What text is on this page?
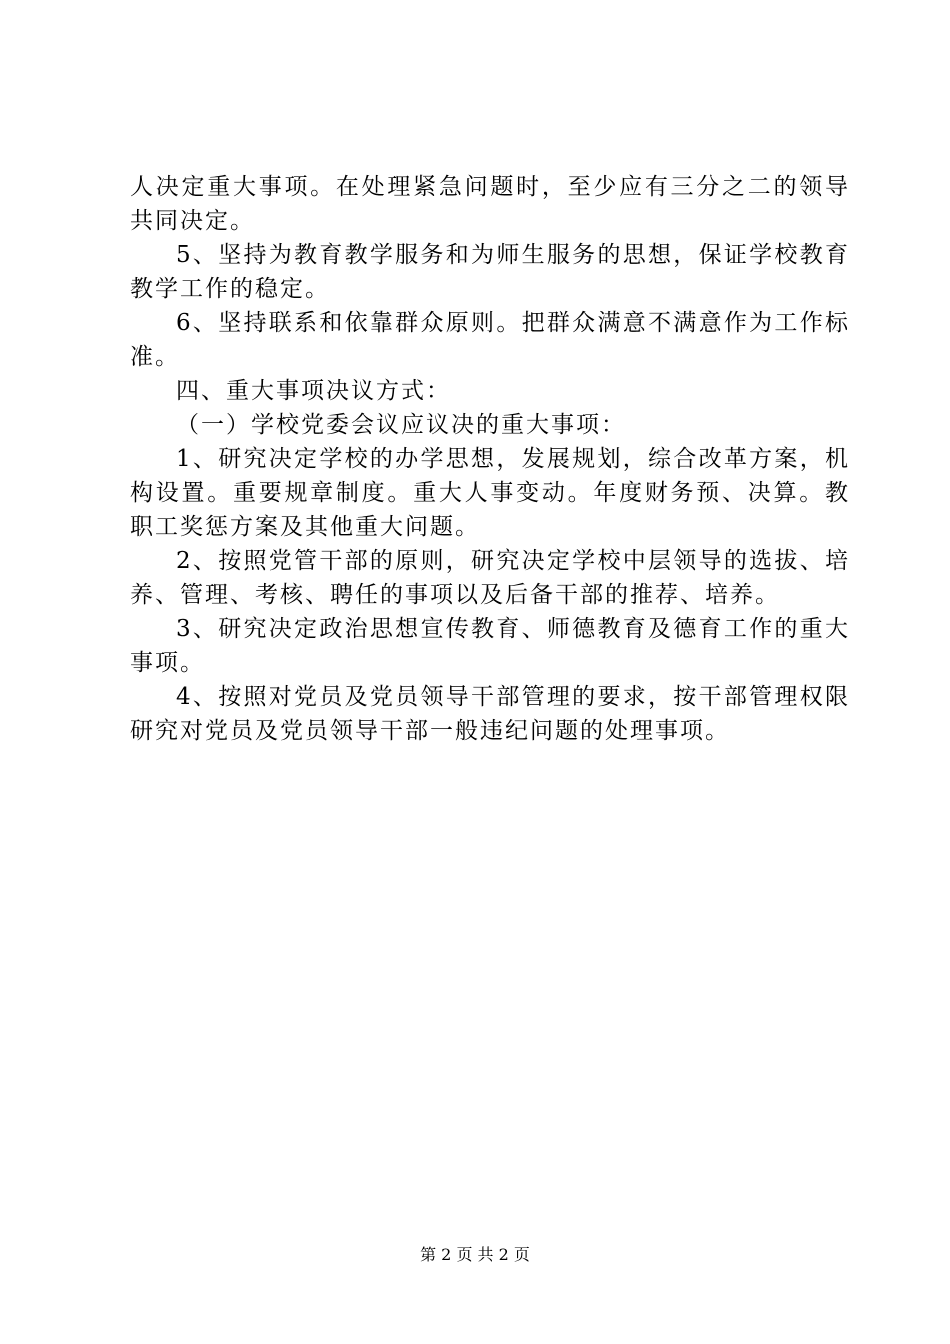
人决定重大事项。在处理紧急问题时，至少应有三分之二的领导共同决定。

5、坚持为教育教学服务和为师生服务的思想，保证学校教育教学工作的稳定。

6、坚持联系和依靠群众原则。把群众满意不满意作为工作标准。

四、重大事项决议方式：

（一）学校党委会议应议决的重大事项：

1、研究决定学校的办学思想，发展规划，综合改革方案，机构设置。重要规章制度。重大人事变动。年度财务预、决算。教职工奖惩方案及其他重大问题。

2、按照党管干部的原则，研究决定学校中层领导的选拔、培养、管理、考核、聘任的事项以及后备干部的推荐、培养。

3、研究决定政治思想宣传教育、师德教育及德育工作的重大事项。

4、按照对党员及党员领导干部管理的要求，按干部管理权限研究对党员及党员领导干部一般违纪问题的处理事项。

第 2 页 共 2 页
